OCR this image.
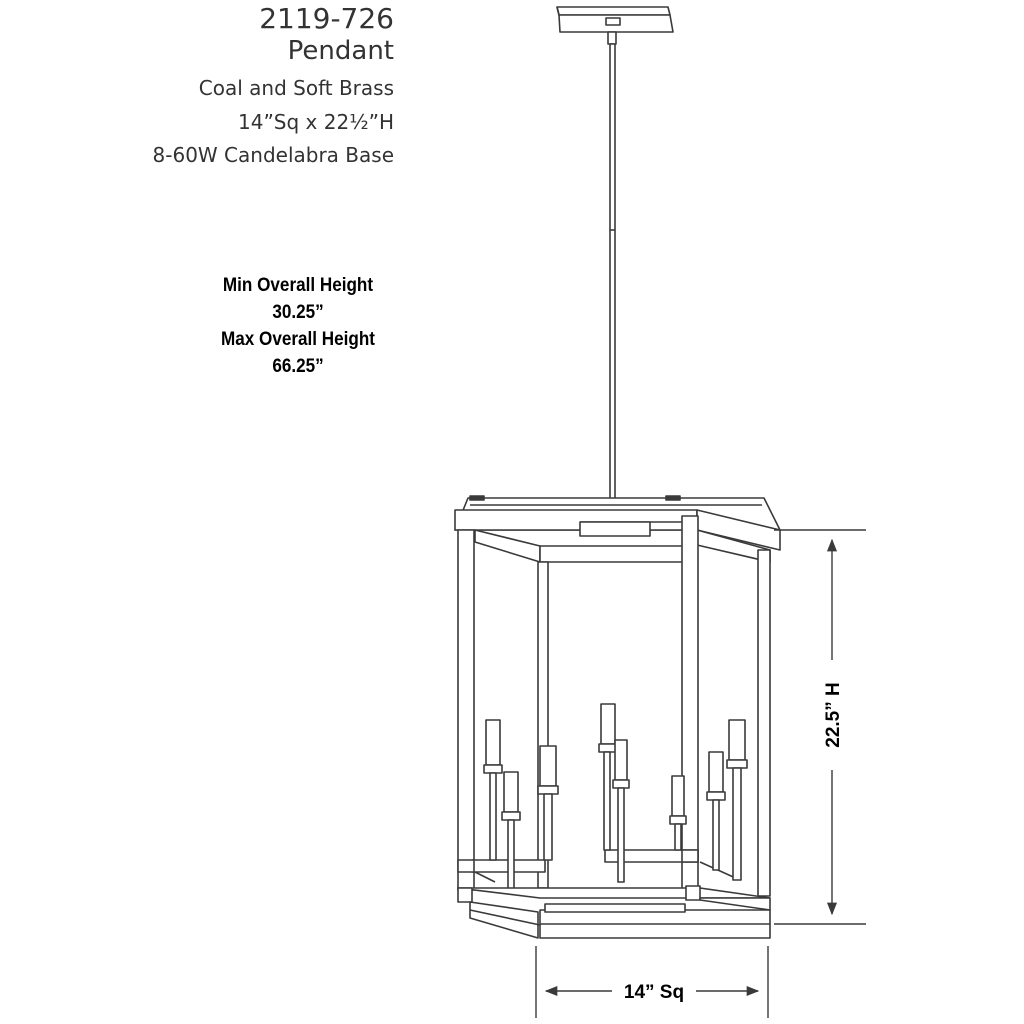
2119-726
Pendant
Coal and Soft Brass
14”Sq x 22½”H
8-60W Candelabra Base
Min Overall Height
30.25”
Max Overall Height
66.25”
22.5” H
14” Sq
